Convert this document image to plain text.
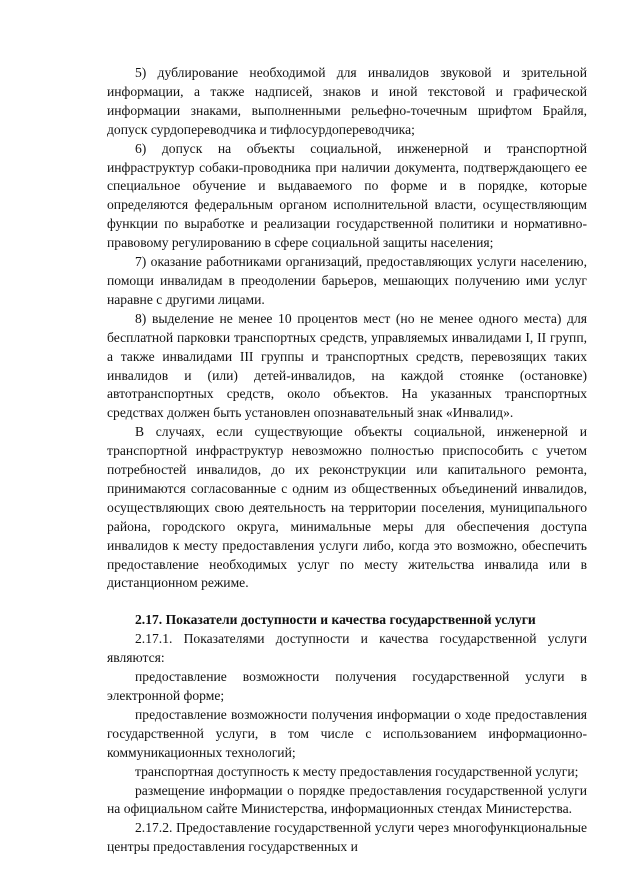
5) дублирование необходимой для инвалидов звуковой и зрительной информации, а также надписей, знаков и иной текстовой и графической информации знаками, выполненными рельефно-точечным шрифтом Брайля, допуск сурдопереводчика и тифлосурдопереводчика;

6) допуск на объекты социальной, инженерной и транспортной инфраструктур собаки-проводника при наличии документа, подтверждающего ее специальное обучение и выдаваемого по форме и в порядке, которые определяются федеральным органом исполнительной власти, осуществляющим функции по выработке и реализации государственной политики и нормативно-правовому регулированию в сфере социальной защиты населения;

7) оказание работниками организаций, предоставляющих услуги населению, помощи инвалидам в преодолении барьеров, мешающих получению ими услуг наравне с другими лицами.

8) выделение не менее 10 процентов мест (но не менее одного места) для бесплатной парковки транспортных средств, управляемых инвалидами I, II групп, а также инвалидами III группы и транспортных средств, перевозящих таких инвалидов и (или) детей-инвалидов, на каждой стоянке (остановке) автотранспортных средств, около объектов. На указанных транспортных средствах должен быть установлен опознавательный знак «Инвалид».

В случаях, если существующие объекты социальной, инженерной и транспортной инфраструктур невозможно полностью приспособить с учетом потребностей инвалидов, до их реконструкции или капитального ремонта, принимаются согласованные с одним из общественных объединений инвалидов, осуществляющих свою деятельность на территории поселения, муниципального района, городского округа, минимальные меры для обеспечения доступа инвалидов к месту предоставления услуги либо, когда это возможно, обеспечить предоставление необходимых услуг по месту жительства инвалида или в дистанционном режиме.

2.17. Показатели доступности и качества государственной услуги

2.17.1. Показателями доступности и качества государственной услуги являются:

предоставление возможности получения государственной услуги в электронной форме;

предоставление возможности получения информации о ходе предоставления государственной услуги, в том числе с использованием информационно-коммуникационных технологий;

транспортная доступность к месту предоставления государственной услуги;

размещение информации о порядке предоставления государственной услуги на официальном сайте Министерства, информационных стендах Министерства.

2.17.2. Предоставление государственной услуги через многофункциональные центры предоставления государственных и
